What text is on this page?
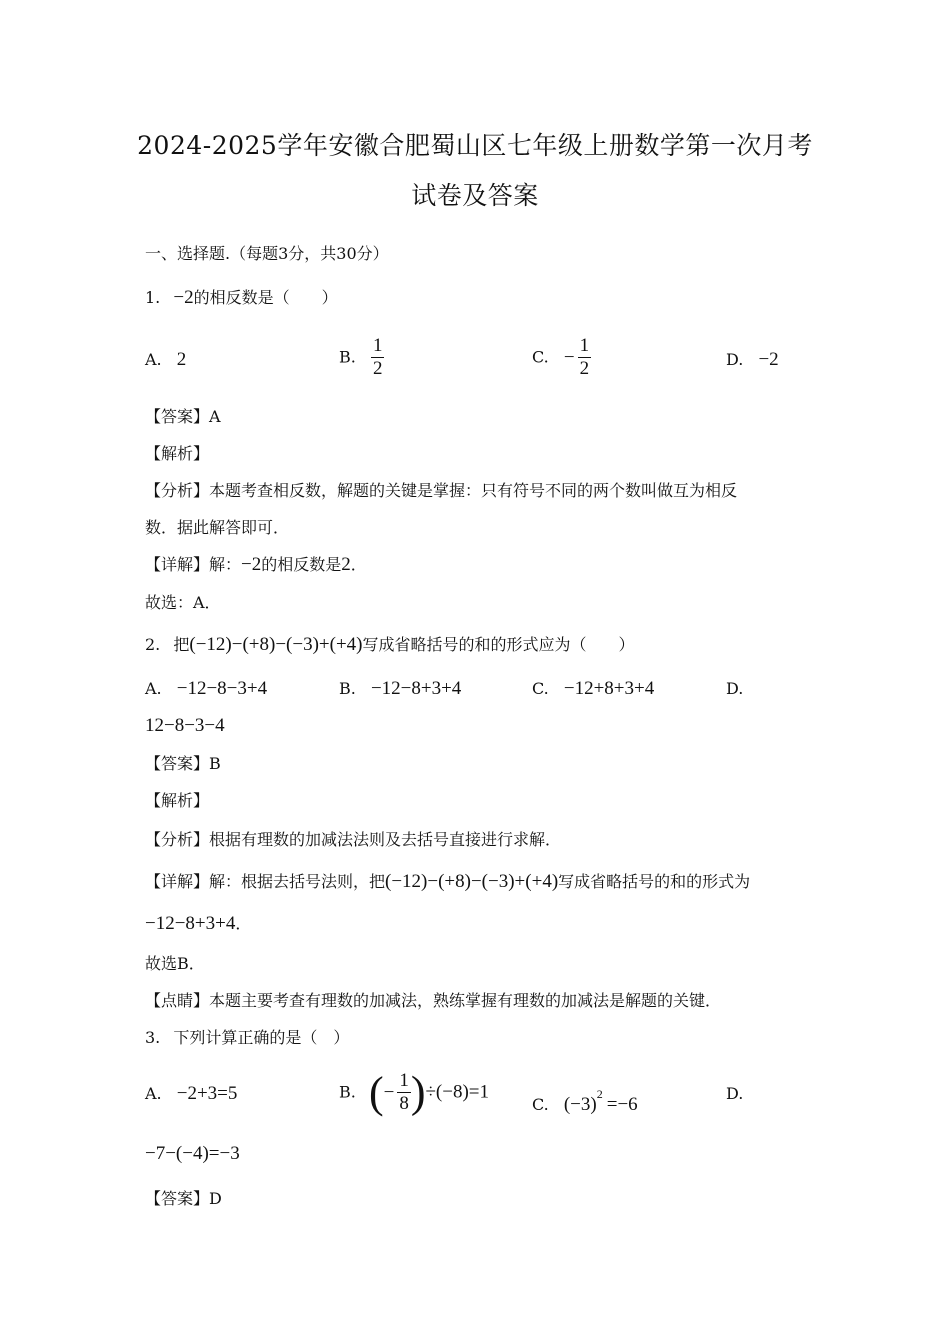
2024-2025学年安徽合肥蜀山区七年级上册数学第一次月考
试卷及答案
一、选择题.（每题3分，共30分）
1. −2的相反数是（　　）
A. 2	B. $\frac{1}{2}$	C. − $\frac{1}{2}$	D. −2
【答案】A
【解析】
【分析】本题考查相反数，解题的关键是掌握：只有符号不同的两个数叫做互为相反
数．据此解答即可．
【详解】解：−2的相反数是2．
故选：A．
2. 把(−12)−(+8)−(−3)+(+4)写成省略括号的和的形式应为（　　）
A. −12−8−3+4	B. −12−8+3+4	C. −12+8+3+4	D.
12−8−3−4
【答案】B
【解析】
【分析】根据有理数的加减法法则及去括号直接进行求解．
【详解】解：根据去括号法则，把(−12)−(+8)−(−3)+(+4)写成省略括号的和的形式为
−12−8+3+4．
故选B．
【点睛】本题主要考查有理数的加减法，熟练掌握有理数的加减法是解题的关键．
3. 下列计算正确的是（　）
A. −2+3=5	B. (− $\frac{1}{8} )\div(-8)=1$
C. $(-3)^2 =-6$
D.
−7−(−4)=−3
【答案】D
